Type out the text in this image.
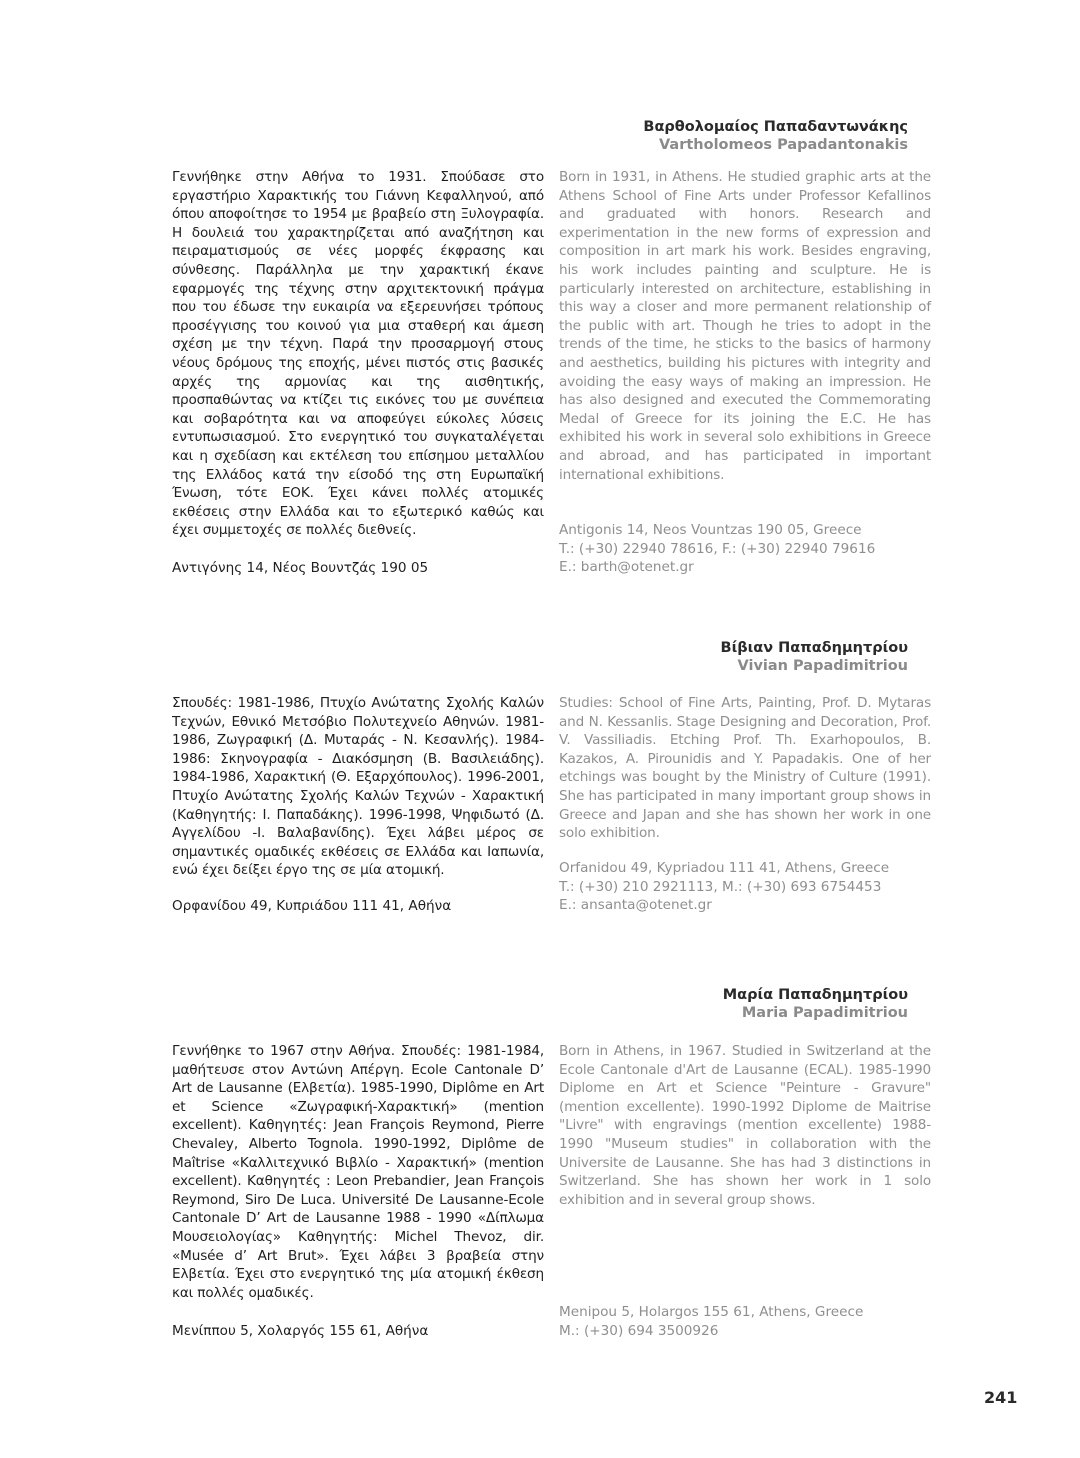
Βαρθολομαίος Παπαδαντωνάκης
Vartholomeos Papadantonakis
Γεννήθηκε στην Αθήνα το 1931. Σπούδασε στο εργαστήριο Χαρακτικής του Γιάννη Κεφαλληνού, από όπου αποφοίτησε το 1954 με βραβείο στη Ξυλογραφία. Η δουλειά του χαρακτηρίζεται από αναζήτηση και πειραματισμούς σε νέες μορφές έκφρασης και σύνθεσης. Παράλληλα με την χαρακτική έκανε εφαρμογές της τέχνης στην αρχιτεκτονική πράγμα που του έδωσε την ευκαιρία να εξερευνήσει τρόπους προσέγγισης του κοινού για μια σταθερή και άμεση σχέση με την τέχνη. Παρά την προσαρμογή στους νέους δρόμους της εποχής, μένει πιστός στις βασικές αρχές της αρμονίας και της αισθητικής, προσπαθώντας να κτίζει τις εικόνες του με συνέπεια και σοβαρότητα και να αποφεύγει εύκολες λύσεις εντυπωσιασμού. Στο ενεργητικό του συγκαταλέγεται και η σχεδίαση και εκτέλεση του επίσημου μεταλλίου της Ελλάδος κατά την είσοδό της στη Ευρωπαϊκή Ένωση, τότε ΕΟΚ. Έχει κάνει πολλές ατομικές εκθέσεις στην Ελλάδα και το εξωτερικό καθώς και έχει συμμετοχές σε πολλές διεθνείς.
Born in 1931, in Athens. He studied graphic arts at the Athens School of Fine Arts under Professor Kefallinos and graduated with honors. Research and experimentation in the new forms of expression and composition in art mark his work. Besides engraving, his work includes painting and sculpture. He is particularly interested on architecture, establishing in this way a closer and more permanent relationship of the public with art. Though he tries to adopt in the trends of the time, he sticks to the basics of harmony and aesthetics, building his pictures with integrity and avoiding the easy ways of making an impression. He has also designed and executed the Commemorating Medal of Greece for its joining the E.C. He has exhibited his work in several solo exhibitions in Greece and abroad, and has participated in important international exhibitions.
Αντιγόνης 14, Νέος Βουντζάς 190 05
Antigonis 14, Neos Vountzas 190 05, Greece
T.: (+30) 22940 78616, F.: (+30) 22940 79616
E.: barth@otenet.gr
Βίβιαν Παπαδημητρίου
Vivian Papadimitriou
Σπουδές: 1981-1986, Πτυχίο Ανώτατης Σχολής Καλών Τεχνών, Εθνικό Μετσόβιο Πολυτεχνείο Αθηνών. 1981-1986, Ζωγραφική (Δ. Μυταράς - Ν. Κεσανλής). 1984-1986: Σκηνογραφία - Διακόσμηση (Β. Βασιλειάδης). 1984-1986, Χαρακτική (Θ. Εξαρχόπουλος). 1996-2001, Πτυχίο Ανώτατης Σχολής Καλών Τεχνών - Χαρακτική (Καθηγητής: Ι. Παπαδάκης). 1996-1998, Ψηφιδωτό (Δ. Αγγελίδου -Ι. Βαλαβανίδης). Έχει λάβει μέρος σε σημαντικές ομαδικές εκθέσεις σε Ελλάδα και Ιαπωνία, ενώ έχει δείξει έργο της σε μία ατομική.
Studies: School of Fine Arts, Painting, Prof. D. Mytaras and N. Kessanlis. Stage Designing and Decoration, Prof. V. Vassiliadis. Etching Prof. Th. Exarhopoulos, B. Kazakos, A. Pirounidis and Y. Papadakis. One of her etchings was bought by the Ministry of Culture (1991). She has participated in many important group shows in Greece and Japan and she has shown her work in one solo exhibition.
Ορφανίδου 49, Κυπριάδου 111 41, Αθήνα
Orfanidou 49, Kypriadou 111 41, Athens, Greece
T.: (+30) 210 2921113, M.: (+30) 693 6754453
E.: ansanta@otenet.gr
Μαρία Παπαδημητρίου
Maria Papadimitriou
Γεννήθηκε το 1967 στην Αθήνα. Σπουδές: 1981-1984, μαθήτευσε στον Αντώνη Απέργη. Ecole Cantonale D’ Art de Lausanne (Ελβετία). 1985-1990, Diplôme en Art et Science «Ζωγραφική-Χαρακτική» (mention excellent). Καθηγητές: Jean François Reymond, Pierre Chevaley, Alberto Tognola. 1990-1992, Diplôme de Maîtrise «Καλλιτεχνικό Βιβλίο - Χαρακτική» (mention excellent). Καθηγητές : Leon Prebandier, Jean François Reymond, Siro De Luca. Université De Lausanne-Ecole Cantonale D’ Art de Lausanne 1988 - 1990 «Δίπλωμα Μουσειολογίας» Καθηγητής: Michel Thevoz, dir. «Musée d’ Art Brut». Έχει λάβει 3 βραβεία στην Ελβετία. Έχει στο ενεργητικό της μία ατομική έκθεση και πολλές ομαδικές.
Born in Athens, in 1967. Studied in Switzerland at the Ecole Cantonale d'Art de Lausanne (ECAL). 1985-1990 Diplome en Art et Science "Peinture - Gravure" (mention excellente). 1990-1992 Diplome de Maitrise "Livre" with engravings (mention excellente) 1988-1990 "Museum studies" in collaboration with the Universite de Lausanne. She has had 3 distinctions in Switzerland. She has shown her work in 1 solo exhibition and in several group shows.
Μενίππου 5, Χολαργός 155 61, Αθήνα
Menipou 5, Holargos 155 61, Athens, Greece
M.: (+30) 694 3500926
241
